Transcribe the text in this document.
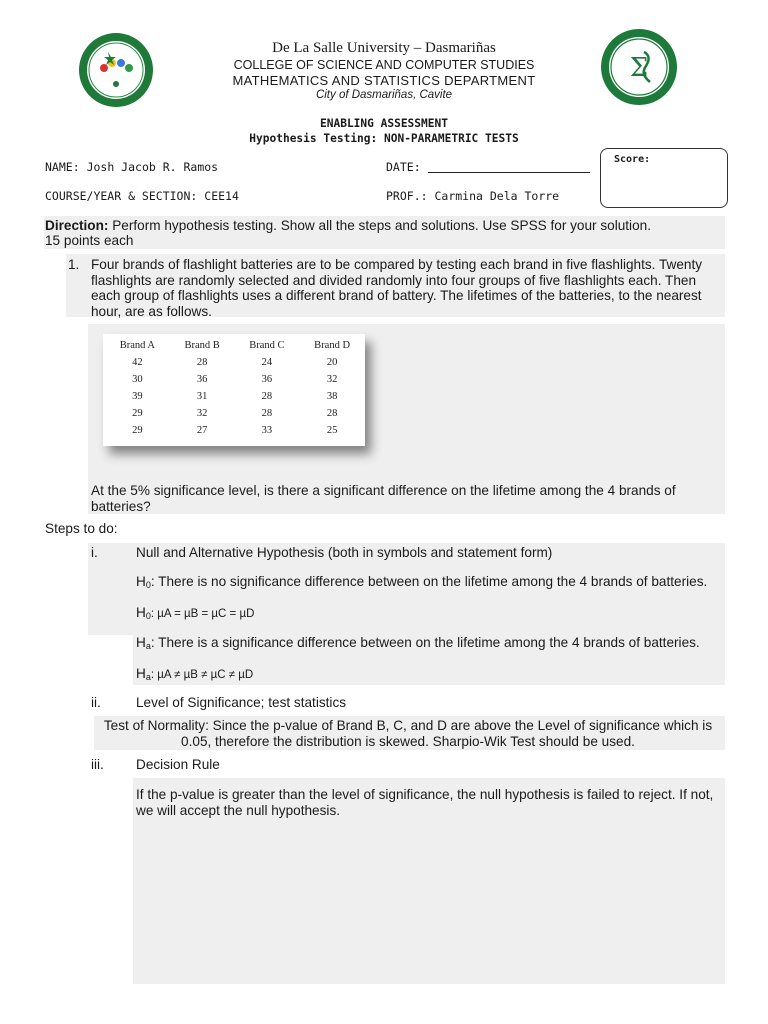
Σ
De La Salle University – Dasmariñas
COLLEGE OF SCIENCE AND COMPUTER STUDIES
MATHEMATICS AND STATISTICS DEPARTMENT
City of Dasmariñas, Cavite
ENABLING ASSESSMENT
Hypothesis Testing: NON-PARAMETRIC TESTS
NAME: Josh Jacob R. Ramos	DATE:
COURSE/YEAR & SECTION: CEE14	PROF.: Carmina Dela Torre
Score:
Direction: Perform hypothesis testing. Show all the steps and solutions. Use SPSS for your solution.
15 points each
1. Four brands of flashlight batteries are to be compared by testing each brand in five flashlights. Twenty flashlights are randomly selected and divided randomly into four groups of five flashlights each. Then each group of flashlights uses a different brand of battery. The lifetimes of the batteries, to the nearest hour, are as follows.
Brand A	Brand B	Brand C	Brand D
42	28	24	20
30	36	36	32
39	31	28	38
29	32	28	28
29	27	33	25
At the 5% significance level, is there a significant difference on the lifetime among the 4 brands of batteries?
Steps to do:
i.	Null and Alternative Hypothesis (both in symbols and statement form)
$H_0$: There is no significance difference between on the lifetime among the 4 brands of batteries.
$H_0$: µA = µB = µC = µD
$H_a$: There is a significance difference between on the lifetime among the 4 brands of batteries.
$H_a$: µA ≠ µB ≠ µC ≠ µD
ii.	Level of Significance; test statistics
Test of Normality: Since the p-value of Brand B, C, and D are above the Level of significance which is 0.05, therefore the distribution is skewed. Sharpio-Wik Test should be used.
iii. Decision Rule
If the p-value is greater than the level of significance, the null hypothesis is failed to reject. If not, we will accept the null hypothesis.
